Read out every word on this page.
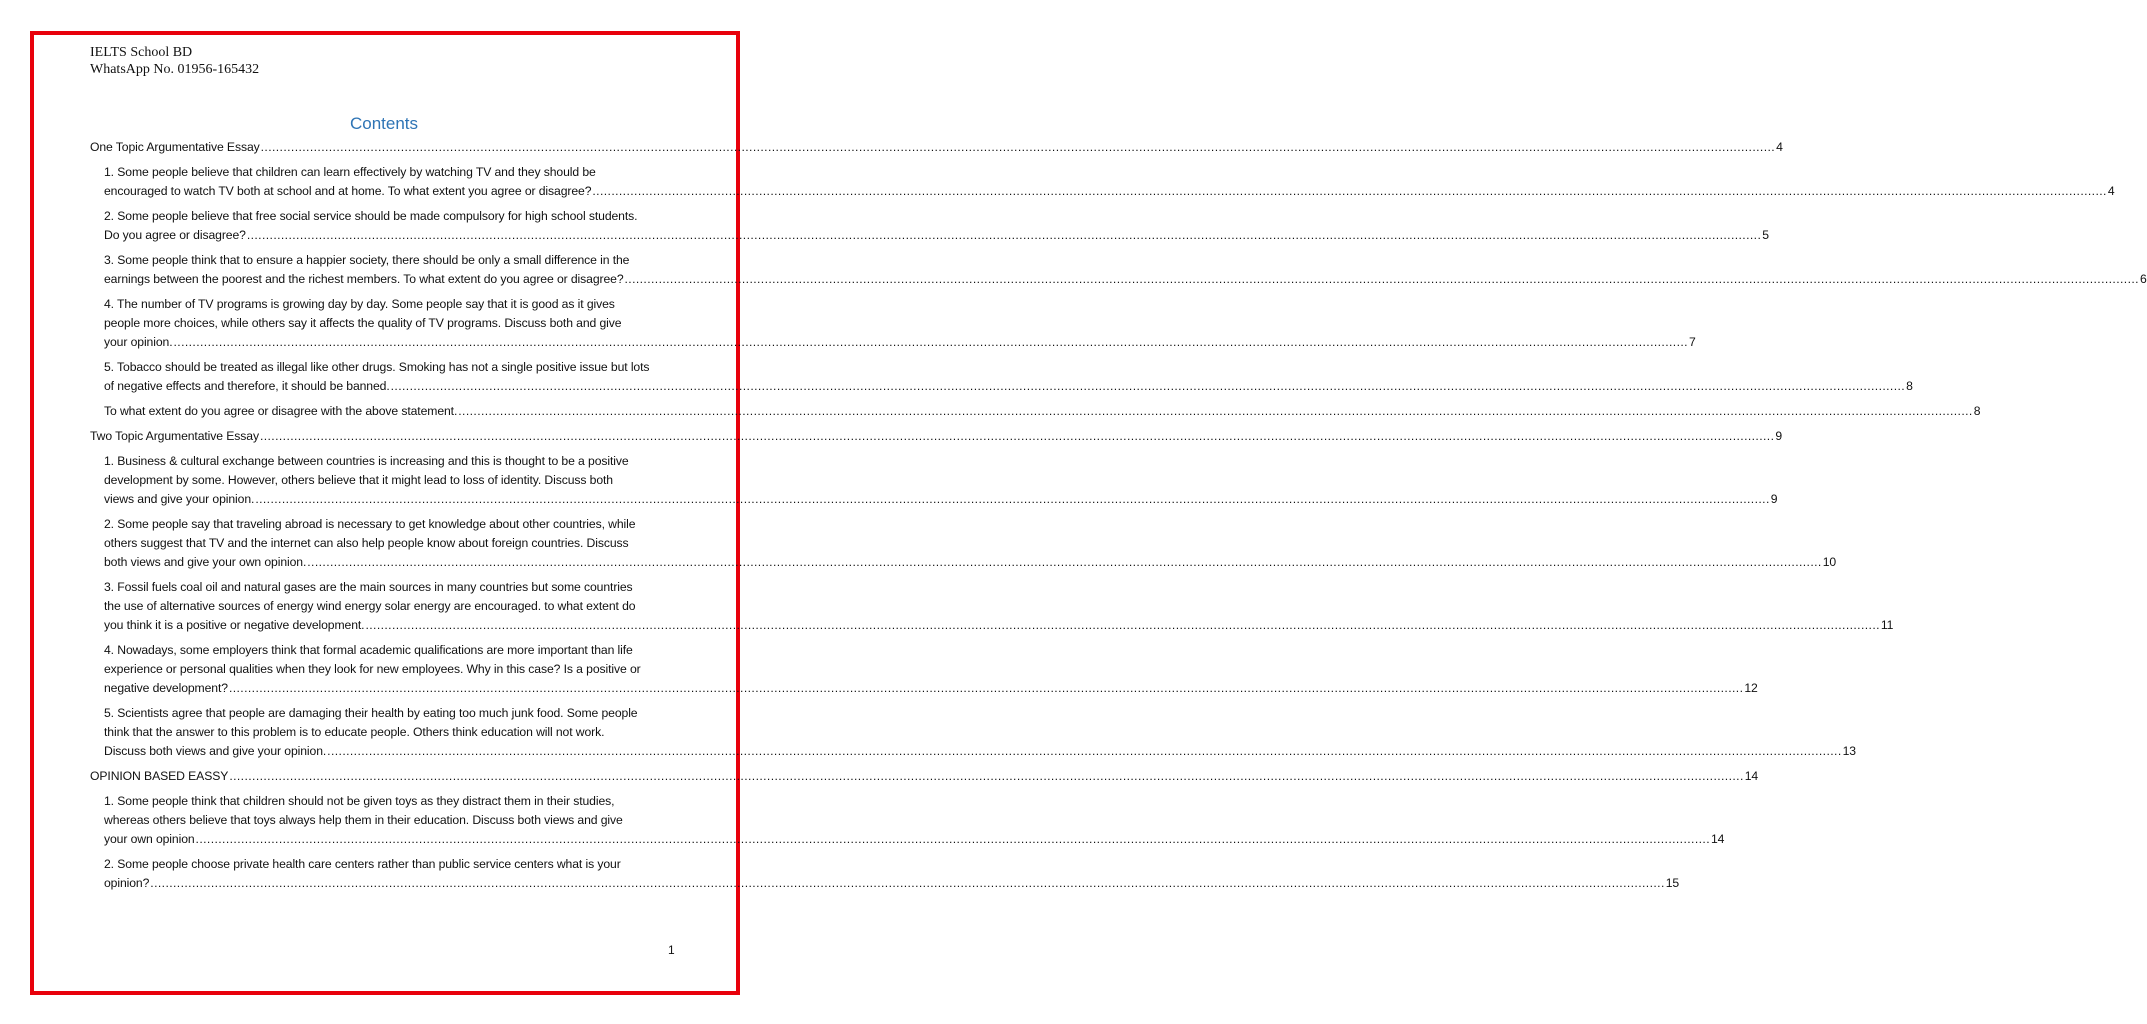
IELTS School BD
WhatsApp No. 01956-165432
Contents
One Topic Argumentative Essay ................................................................................................................................................................................................................................................................................................................................................................................................................ 4
1. Some people believe that children can learn effectively by watching TV and they should be
encouraged to watch TV both at school and at home. To what extent you agree or disagree? ................................................................................................................................................................................................................................................................................................................................................................................................................ 4
2. Some people believe that free social service should be made compulsory for high school students.
Do you agree or disagree? ................................................................................................................................................................................................................................................................................................................................................................................................................ 5
3. Some people think that to ensure a happier society, there should be only a small difference in the
earnings between the poorest and the richest members. To what extent do you agree or disagree? ................................................................................................................................................................................................................................................................................................................................................................................................................ 6
4. The number of TV programs is growing day by day. Some people say that it is good as it gives
people more choices, while others say it affects the quality of TV programs. Discuss both and give
your opinion. ................................................................................................................................................................................................................................................................................................................................................................................................................ 7
5. Tobacco should be treated as illegal like other drugs. Smoking has not a single positive issue but lots
of negative effects and therefore, it should be banned. ................................................................................................................................................................................................................................................................................................................................................................................................................ 8
To what extent do you agree or disagree with the above statement. ................................................................................................................................................................................................................................................................................................................................................................................................................ 8
Two Topic Argumentative Essay ................................................................................................................................................................................................................................................................................................................................................................................................................ 9
1. Business & cultural exchange between countries is increasing and this is thought to be a positive
development by some. However, others believe that it might lead to loss of identity. Discuss both
views and give your opinion. ................................................................................................................................................................................................................................................................................................................................................................................................................ 9
2. Some people say that traveling abroad is necessary to get knowledge about other countries, while
others suggest that TV and the internet can also help people know about foreign countries. Discuss
both views and give your own opinion. ................................................................................................................................................................................................................................................................................................................................................................................................................ 10
3. Fossil fuels coal oil and natural gases are the main sources in many countries but some countries
the use of alternative sources of energy wind energy solar energy are encouraged. to what extent do
you think it is a positive or negative development. ................................................................................................................................................................................................................................................................................................................................................................................................................ 11
4. Nowadays, some employers think that formal academic qualifications are more important than life
experience or personal qualities when they look for new employees. Why in this case? Is a positive or
negative development? ................................................................................................................................................................................................................................................................................................................................................................................................................ 12
5. Scientists agree that people are damaging their health by eating too much junk food. Some people
think that the answer to this problem is to educate people. Others think education will not work.
Discuss both views and give your opinion. ................................................................................................................................................................................................................................................................................................................................................................................................................ 13
OPINION BASED EASSY ................................................................................................................................................................................................................................................................................................................................................................................................................ 14
1. Some people think that children should not be given toys as they distract them in their studies,
whereas others believe that toys always help them in their education. Discuss both views and give
your own opinion ................................................................................................................................................................................................................................................................................................................................................................................................................ 14
2. Some people choose private health care centers rather than public service centers what is your
opinion? ................................................................................................................................................................................................................................................................................................................................................................................................................ 15
1
